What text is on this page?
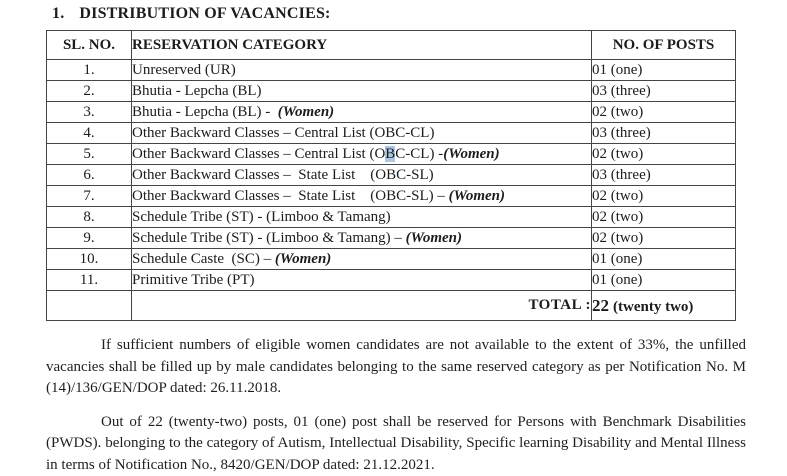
1. DISTRIBUTION OF VACANCIES:
SL. NO.	RESERVATION CATEGORY	NO. OF POSTS
1.	Unreserved (UR)	01 (one)
2.	Bhutia - Lepcha (BL)	03 (three)
3.	Bhutia - Lepcha (BL) -  (Women)	02 (two)
4.	Other Backward Classes – Central List (OBC-CL)	03 (three)
5.	Other Backward Classes – Central List (OBC-CL) -(Women)	02 (two)
6.	Other Backward Classes –  State List    (OBC-SL)	03 (three)
7.	Other Backward Classes –  State List    (OBC-SL) – (Women)	02 (two)
8.	Schedule Tribe (ST) - (Limboo & Tamang)	02 (two)
9.	Schedule Tribe (ST) - (Limboo & Tamang) – (Women)	02 (two)
10.	Schedule Caste  (SC) – (Women)	01 (one)
11.	Primitive Tribe (PT)	01 (one)
	TOTAL :	22 (twenty two)

If sufficient numbers of eligible women candidates are not available to the extent of 33%, the unfilled vacancies shall be filled up by male candidates belonging to the same reserved category as per Notification No. M (14)/136/GEN/DOP dated: 26.11.2018.

Out of 22 (twenty-two) posts, 01 (one) post shall be reserved for Persons with Benchmark Disabilities (PWDS). belonging to the category of Autism, Intellectual Disability, Specific learning Disability and Mental Illness in terms of Notification No., 8420/GEN/DOP dated: 21.12.2021.
